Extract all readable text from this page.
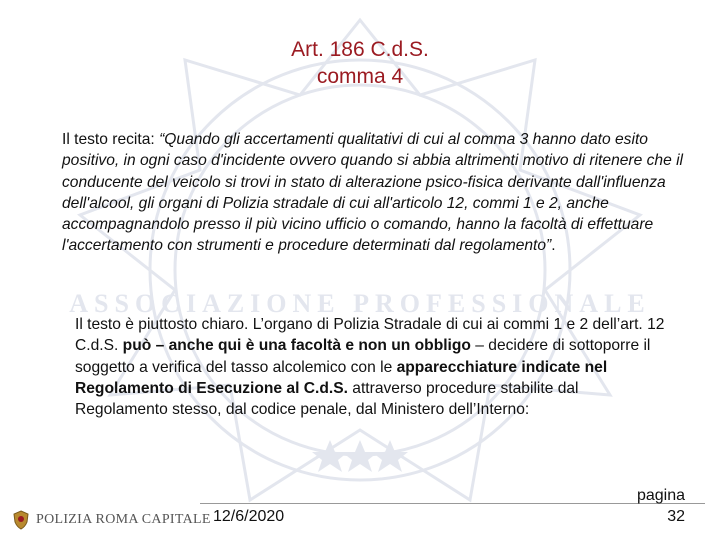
ASSOCIAZIONE PROFESSIONALE
Art. 186 C.d.S.
comma 4
Il testo recita: “Quando gli accertamenti qualitativi di cui al comma 3 hanno dato esito positivo, in ogni caso d'incidente ovvero quando si abbia altrimenti motivo di ritenere che il conducente del veicolo si trovi in stato di alterazione psico-fisica derivante dall'influenza dell'alcool, gli organi di Polizia stradale di cui all'articolo 12, commi 1 e 2, anche accompagnandolo presso il più vicino ufficio o comando, hanno la facoltà di effettuare l'accertamento con strumenti e procedure determinati dal regolamento”.
Il testo è piuttosto chiaro. L’organo di Polizia Stradale di cui ai commi 1 e 2 dell’art. 12 C.d.S. può – anche qui è una facoltà e non un obbligo – decidere di sottoporre il soggetto a verifica del tasso alcolemico con le apparecchiature indicate nel Regolamento di Esecuzione al C.d.S. attraverso procedure stabilite dal Regolamento stesso, dal codice penale, dal Ministero dell’Interno:
POLIZIA ROMA CAPITALE 12/6/2020
pagina
32
